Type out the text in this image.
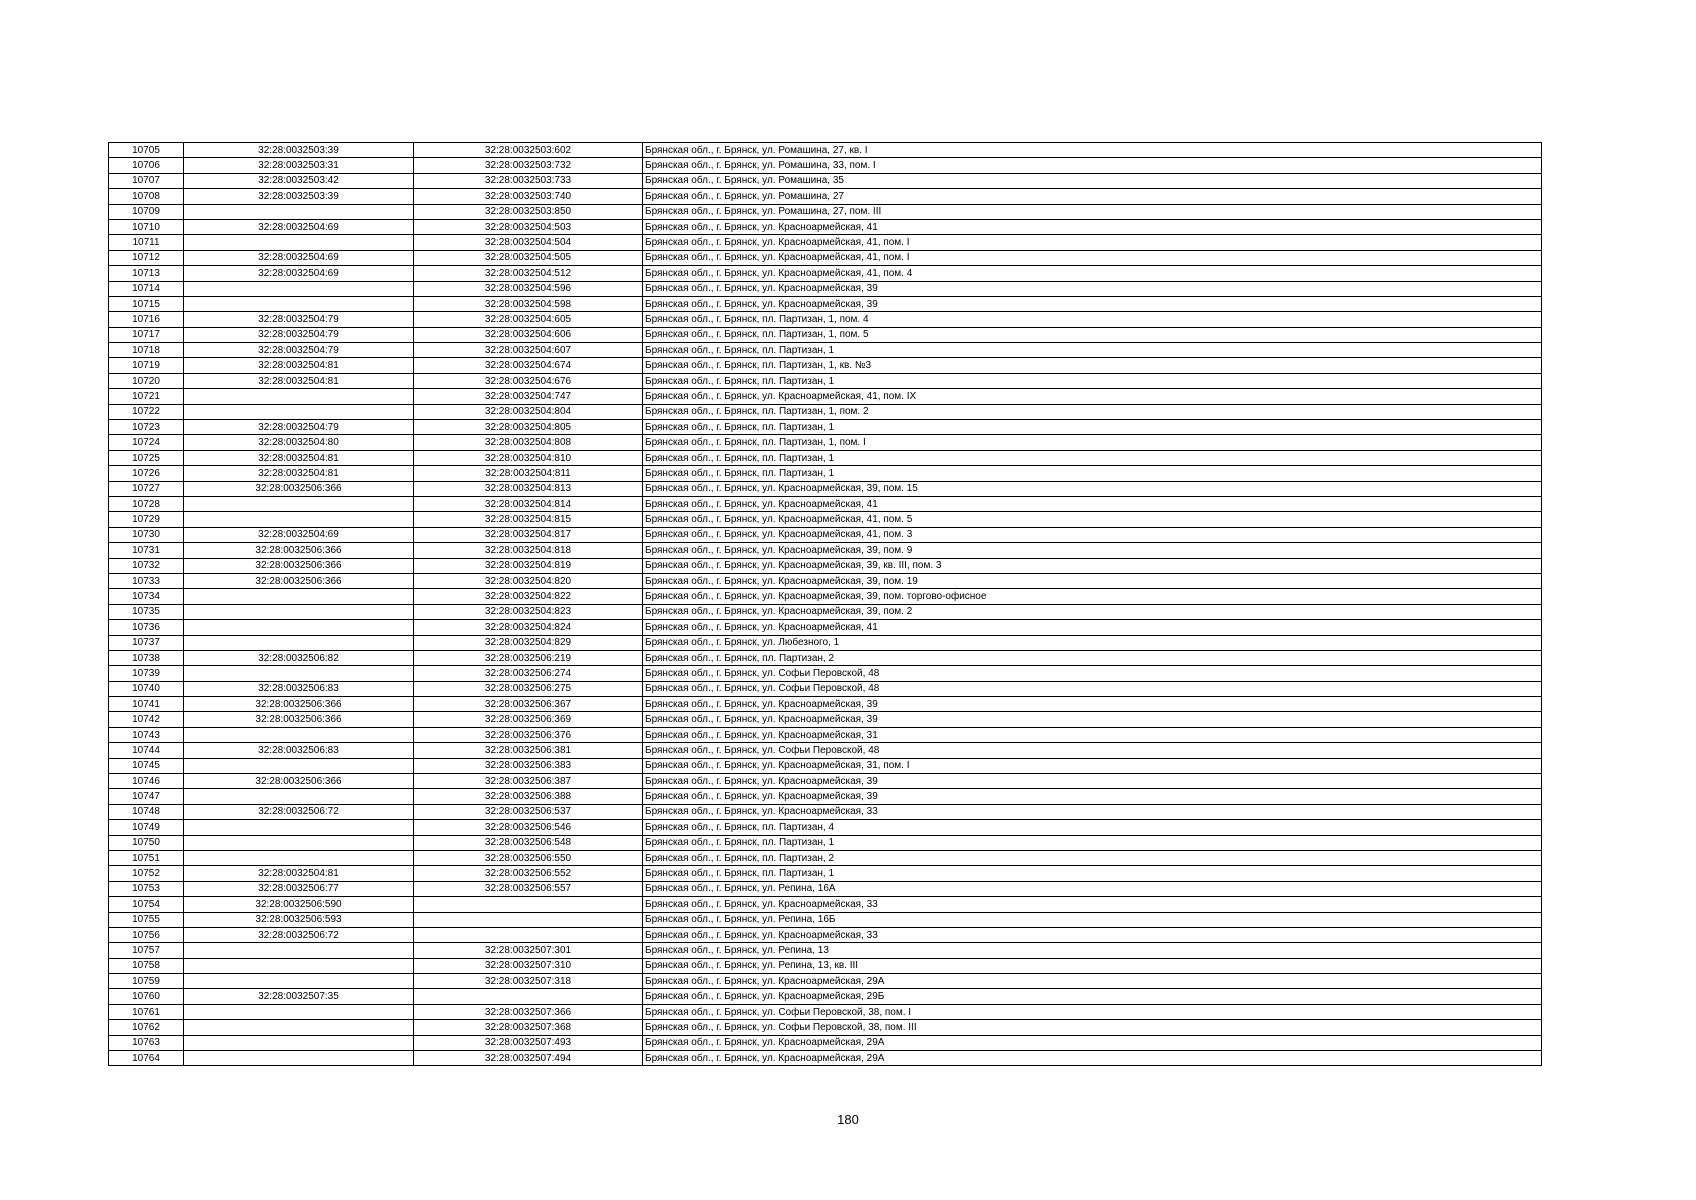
10705	32:28:0032503:39	32:28:0032503:602	Брянская обл., г. Брянск, ул. Ромашина, 27, кв. I
10706	32:28:0032503:31	32:28:0032503:732	Брянская обл., г. Брянск, ул. Ромашина, 33, пом. I
10707	32:28:0032503:42	32:28:0032503:733	Брянская обл., г. Брянск, ул. Ромашина, 35
10708	32:28:0032503:39	32:28:0032503:740	Брянская обл., г. Брянск, ул. Ромашина, 27
10709		32:28:0032503:850	Брянская обл., г. Брянск, ул. Ромашина, 27, пом. III
10710	32:28:0032504:69	32:28:0032504:503	Брянская обл., г. Брянск, ул. Красноармейская, 41
10711		32:28:0032504:504	Брянская обл., г. Брянск, ул. Красноармейская, 41, пом. I
10712	32:28:0032504:69	32:28:0032504:505	Брянская обл., г. Брянск, ул. Красноармейская, 41, пом. I
10713	32:28:0032504:69	32:28:0032504:512	Брянская обл., г. Брянск, ул. Красноармейская, 41, пом. 4
10714		32:28:0032504:596	Брянская обл., г. Брянск, ул. Красноармейская, 39
10715		32:28:0032504:598	Брянская обл., г. Брянск, ул. Красноармейская, 39
10716	32:28:0032504:79	32:28:0032504:605	Брянская обл., г. Брянск, пл. Партизан, 1, пом. 4
10717	32:28:0032504:79	32:28:0032504:606	Брянская обл., г. Брянск, пл. Партизан, 1, пом. 5
10718	32:28:0032504:79	32:28:0032504:607	Брянская обл., г. Брянск, пл. Партизан, 1
10719	32:28:0032504:81	32:28:0032504:674	Брянская обл., г. Брянск, пл. Партизан, 1, кв. №3
10720	32:28:0032504:81	32:28:0032504:676	Брянская обл., г. Брянск, пл. Партизан, 1
10721		32:28:0032504:747	Брянская обл., г. Брянск, ул. Красноармейская, 41, пом. IX
10722		32:28:0032504:804	Брянская обл., г. Брянск, пл. Партизан, 1, пом. 2
10723	32:28:0032504:79	32:28:0032504:805	Брянская обл., г. Брянск, пл. Партизан, 1
10724	32:28:0032504:80	32:28:0032504:808	Брянская обл., г. Брянск, пл. Партизан, 1, пом. I
10725	32:28:0032504:81	32:28:0032504:810	Брянская обл., г. Брянск, пл. Партизан, 1
10726	32:28:0032504:81	32:28:0032504:811	Брянская обл., г. Брянск, пл. Партизан, 1
10727	32:28:0032506:366	32:28:0032504:813	Брянская обл., г. Брянск, ул. Красноармейская, 39, пом. 15
10728		32:28:0032504:814	Брянская обл., г. Брянск, ул. Красноармейская, 41
10729		32:28:0032504:815	Брянская обл., г. Брянск, ул. Красноармейская, 41, пом. 5
10730	32:28:0032504:69	32:28:0032504:817	Брянская обл., г. Брянск, ул. Красноармейская, 41, пом. 3
10731	32:28:0032506:366	32:28:0032504:818	Брянская обл., г. Брянск, ул. Красноармейская, 39, пом. 9
10732	32:28:0032506:366	32:28:0032504:819	Брянская обл., г. Брянск, ул. Красноармейская, 39, кв. III, пом. 3
10733	32:28:0032506:366	32:28:0032504:820	Брянская обл., г. Брянск, ул. Красноармейская, 39, пом. 19
10734		32:28:0032504:822	Брянская обл., г. Брянск, ул. Красноармейская, 39, пом. торгово-офисное
10735		32:28:0032504:823	Брянская обл., г. Брянск, ул. Красноармейская, 39, пом. 2
10736		32:28:0032504:824	Брянская обл., г. Брянск, ул. Красноармейская, 41
10737		32:28:0032504:829	Брянская обл., г. Брянск, ул. Любезного, 1
10738	32:28:0032506:82	32:28:0032506:219	Брянская обл., г. Брянск, пл. Партизан, 2
10739		32:28:0032506:274	Брянская обл., г. Брянск, ул. Софьи Перовской, 48
10740	32:28:0032506:83	32:28:0032506:275	Брянская обл., г. Брянск, ул. Софьи Перовской, 48
10741	32:28:0032506:366	32:28:0032506:367	Брянская обл., г. Брянск, ул. Красноармейская, 39
10742	32:28:0032506:366	32:28:0032506:369	Брянская обл., г. Брянск, ул. Красноармейская, 39
10743		32:28:0032506:376	Брянская обл., г. Брянск, ул. Красноармейская, 31
10744	32:28:0032506:83	32:28:0032506:381	Брянская обл., г. Брянск, ул. Софьи Перовской, 48
10745		32:28:0032506:383	Брянская обл., г. Брянск, ул. Красноармейская, 31, пом. I
10746	32:28:0032506:366	32:28:0032506:387	Брянская обл., г. Брянск, ул. Красноармейская, 39
10747		32:28:0032506:388	Брянская обл., г. Брянск, ул. Красноармейская, 39
10748	32:28:0032506:72	32:28:0032506:537	Брянская обл., г. Брянск, ул. Красноармейская, 33
10749		32:28:0032506:546	Брянская обл., г. Брянск, пл. Партизан, 4
10750		32:28:0032506:548	Брянская обл., г. Брянск, пл. Партизан, 1
10751		32:28:0032506:550	Брянская обл., г. Брянск, пл. Партизан, 2
10752	32:28:0032504:81	32:28:0032506:552	Брянская обл., г. Брянск, пл. Партизан, 1
10753	32:28:0032506:77	32:28:0032506:557	Брянская обл., г. Брянск, ул. Репина, 16А
10754	32:28:0032506:590		Брянская обл., г. Брянск, ул. Красноармейская, 33
10755	32:28:0032506:593		Брянская обл., г. Брянск, ул. Репина, 16Б
10756	32:28:0032506:72		Брянская обл., г. Брянск, ул. Красноармейская, 33
10757		32:28:0032507:301	Брянская обл., г. Брянск, ул. Репина, 13
10758		32:28:0032507:310	Брянская обл., г. Брянск, ул. Репина, 13, кв. III
10759		32:28:0032507:318	Брянская обл., г. Брянск, ул. Красноармейская, 29А
10760	32:28:0032507:35		Брянская обл., г. Брянск, ул. Красноармейская, 29Б
10761		32:28:0032507:366	Брянская обл., г. Брянск, ул. Софьи Перовской, 38, пом. I
10762		32:28:0032507:368	Брянская обл., г. Брянск, ул. Софьи Перовской, 38, пом. III
10763		32:28:0032507:493	Брянская обл., г. Брянск, ул. Красноармейская, 29А
10764		32:28:0032507:494	Брянская обл., г. Брянск, ул. Красноармейская, 29А
180
